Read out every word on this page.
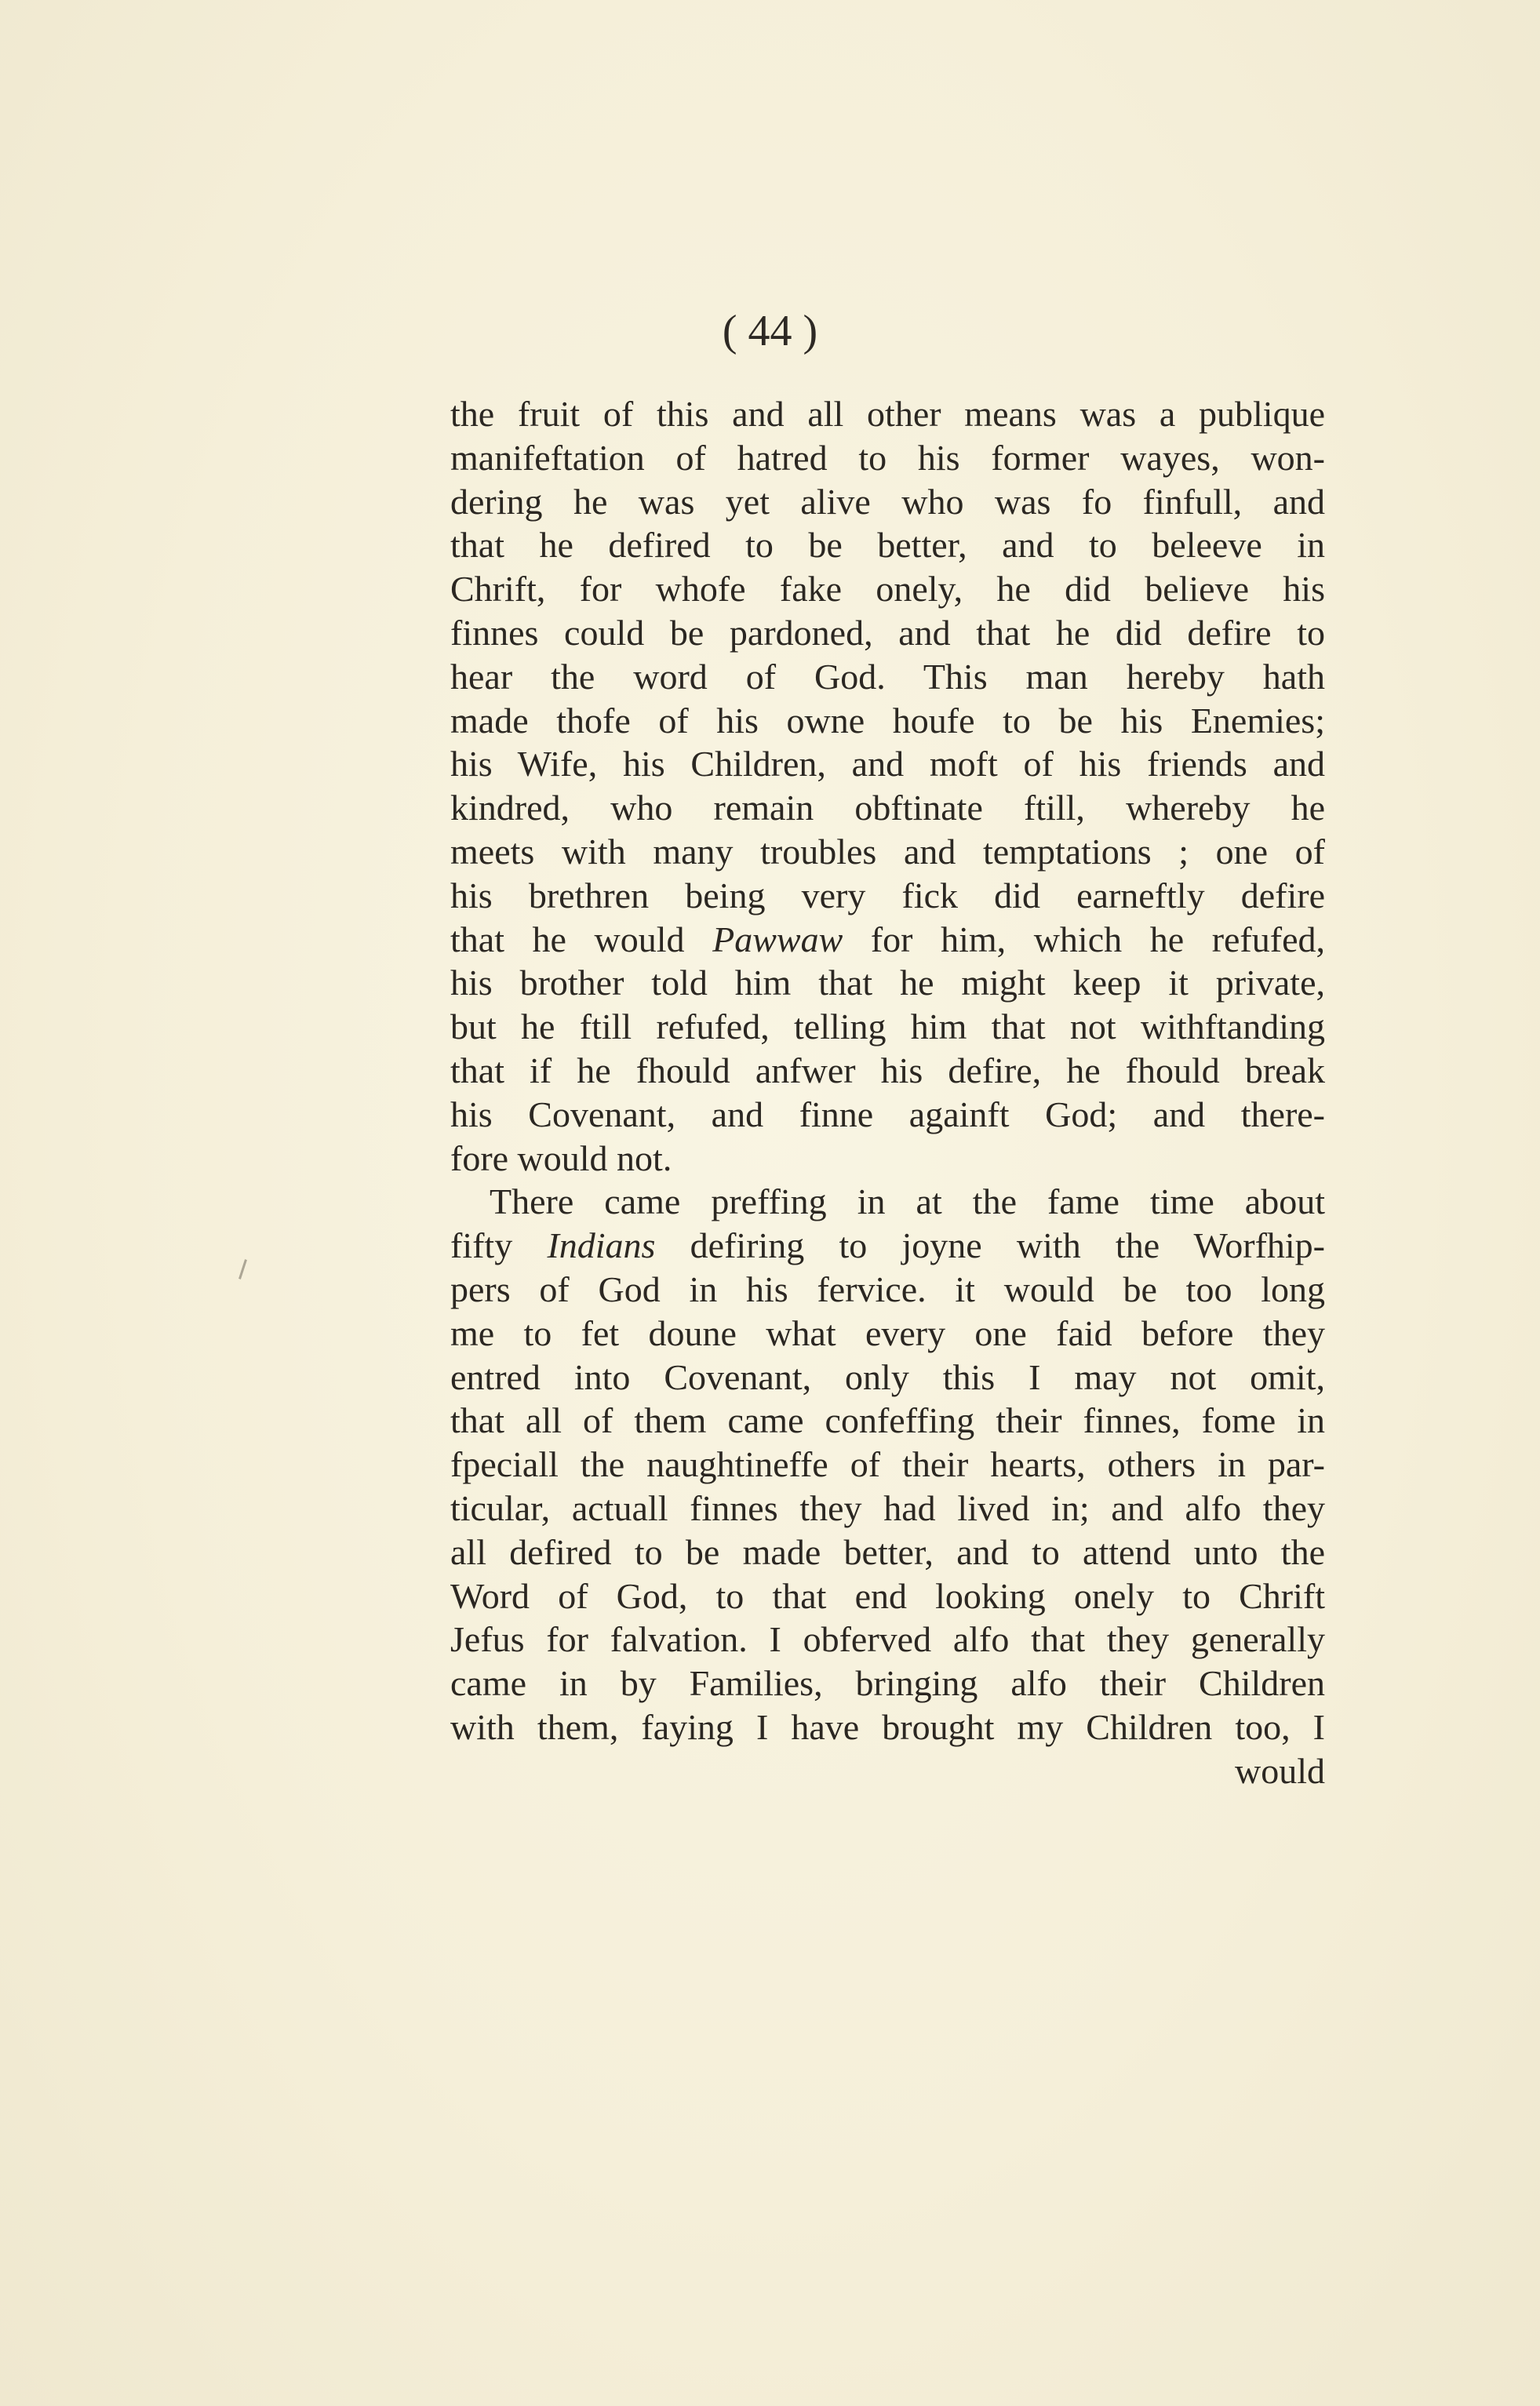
( 44 )
the fruit of this and all other means was a publique
manifeftation of hatred to his former wayes, won-
dering he was yet alive who was fo finfull, and
that he defired to be better, and to beleeve in
Chrift, for whofe fake onely, he did believe his
finnes could be pardoned, and that he did defire to
hear the word of God. This man hereby hath
made thofe of his owne houfe to be his Enemies;
his Wife, his Children, and moft of his friends and
kindred, who remain obftinate ftill, whereby he
meets with many troubles and temptations ; one of
his brethren being very fick did earneftly defire
that he would Pawwaw for him, which he refufed,
his brother told him that he might keep it private,
but he ftill refufed, telling him that not withftanding
that if he fhould anfwer his defire, he fhould break
his Covenant, and finne againft God; and there-
fore would not.
There came preffing in at the fame time about
fifty Indians defiring to joyne with the Worfhip-
pers of God in his fervice. it would be too long
me to fet doune what every one faid before they
entred into Covenant, only this I may not omit,
that all of them came confeffing their finnes, fome in
fpeciall the naughtineffe of their hearts, others in par-
ticular, actuall finnes they had lived in; and alfo they
all defired to be made better, and to attend unto the
Word of God, to that end looking onely to Chrift
Jefus for falvation. I obferved alfo that they generally
came in by Families, bringing alfo their Children
with them, faying I have brought my Children too, I
would
